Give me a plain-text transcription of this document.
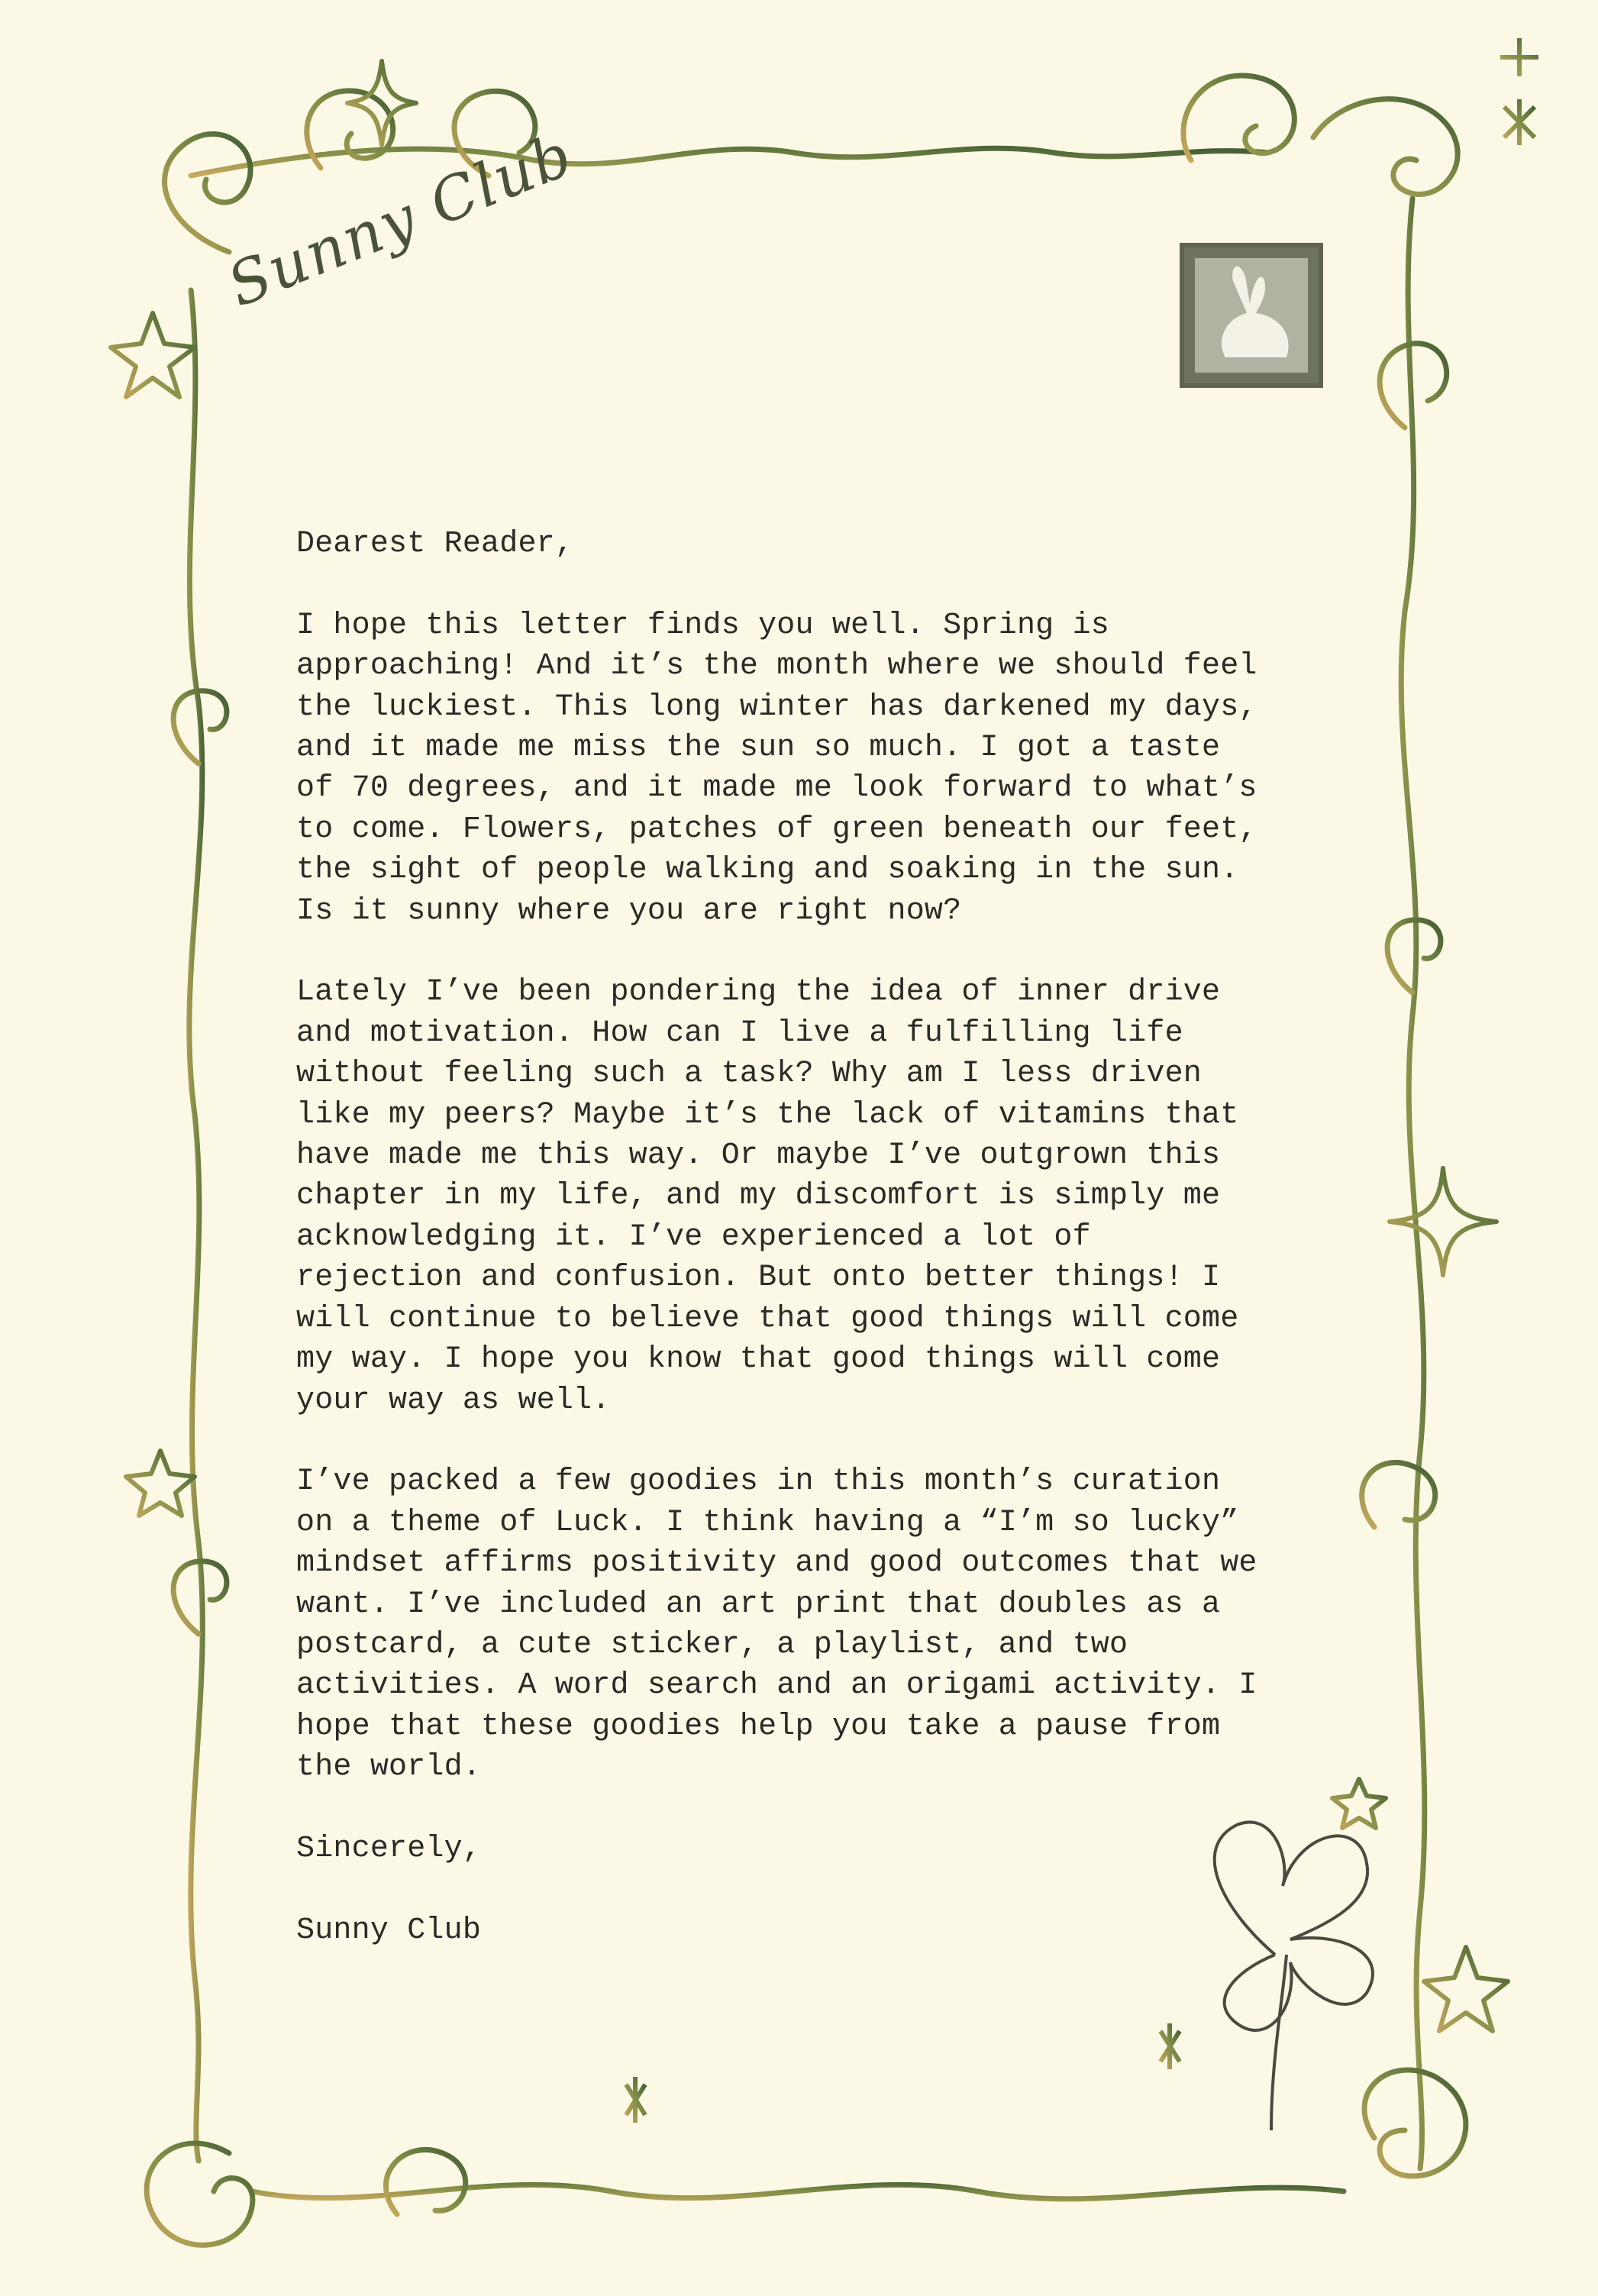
Sunny Club

Dearest Reader,

I hope this letter finds you well. Spring is
approaching! And it’s the month where we should feel
the luckiest. This long winter has darkened my days,
and it made me miss the sun so much. I got a taste
of 70 degrees, and it made me look forward to what’s
to come. Flowers, patches of green beneath our feet,
the sight of people walking and soaking in the sun.
Is it sunny where you are right now?

Lately I’ve been pondering the idea of inner drive
and motivation. How can I live a fulfilling life
without feeling such a task? Why am I less driven
like my peers? Maybe it’s the lack of vitamins that
have made me this way. Or maybe I’ve outgrown this
chapter in my life, and my discomfort is simply me
acknowledging it. I’ve experienced a lot of
rejection and confusion. But onto better things! I
will continue to believe that good things will come
my way. I hope you know that good things will come
your way as well.

I’ve packed a few goodies in this month’s curation
on a theme of Luck. I think having a “I’m so lucky”
mindset affirms positivity and good outcomes that we
want. I’ve included an art print that doubles as a
postcard, a cute sticker, a playlist, and two
activities. A word search and an origami activity. I
hope that these goodies help you take a pause from
the world.

Sincerely,

Sunny Club
